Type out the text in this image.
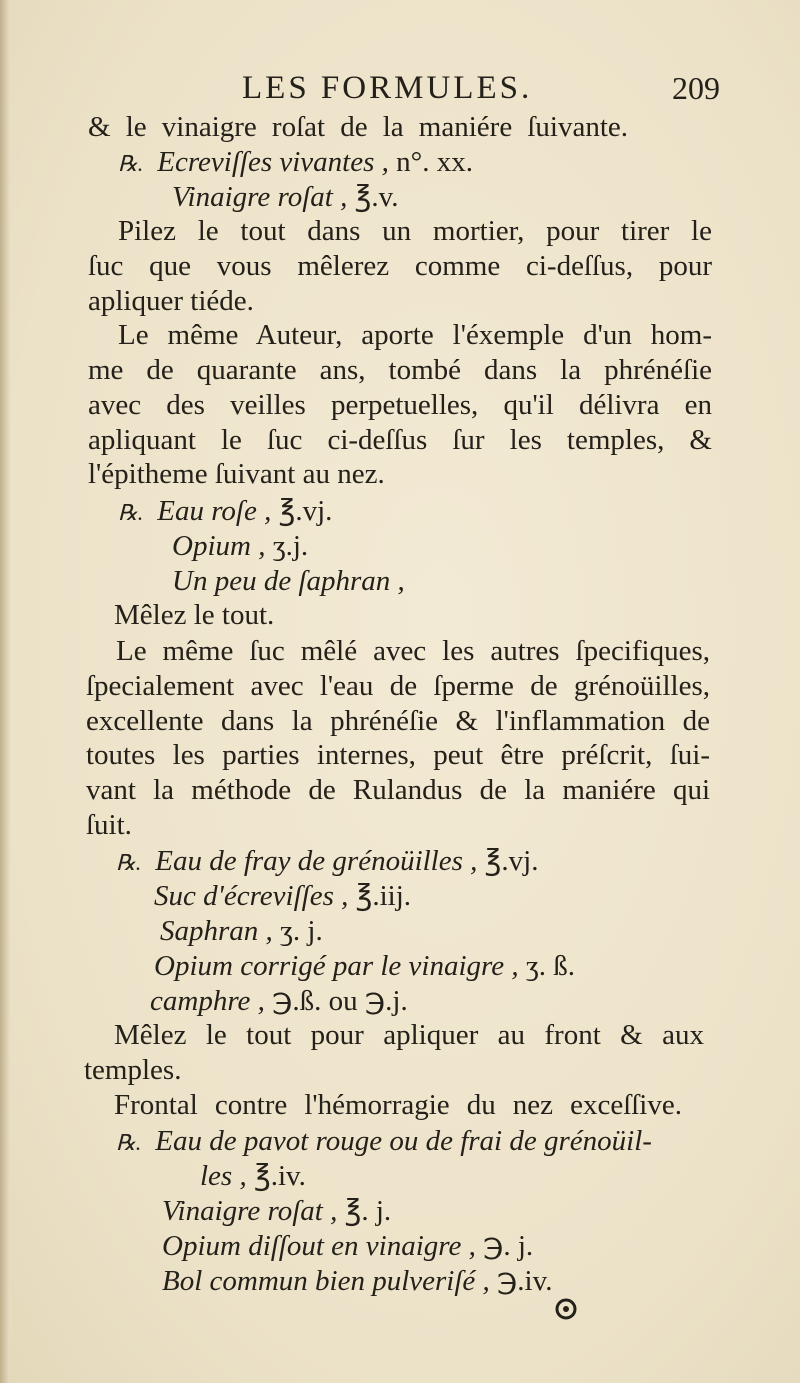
LES FORMULES.	209
& le vinaigre roſat de la maniére ſuivante.
℞. Ecreviſſes vivantes , n°. xx.
Vinaigre roſat , ℥.v.
Pilez le tout dans un mortier, pour tirer le
ſuc que vous mêlerez comme ci-deſſus, pour
apliquer tiéde.
Le même Auteur, aporte l'éxemple d'un hom-
me de quarante ans, tombé dans la phrénéſie
avec des veilles perpetuelles, qu'il délivra en
apliquant le ſuc ci-deſſus ſur les temples, &
l'épitheme ſuivant au nez.
℞. Eau roſe , ℥.vj.
Opium , ʒ.j.
Un peu de ſaphran ,
Mêlez le tout.
Le même ſuc mêlé avec les autres ſpecifiques,
ſpecialement avec l'eau de ſperme de grénoüilles,
excellente dans la phrénéſie & l'inflammation de
toutes les parties internes, peut être préſcrit, ſui-
vant la méthode de Rulandus de la maniére qui
ſuit.
℞. Eau de fray de grénoüilles , ℥.vj.
Suc d'écreviſſes , ℥.iij.
Saphran , ʒ. j.
Opium corrigé par le vinaigre , ʒ. ß.
camphre , ℈.ß. ou ℈.j.
Mêlez le tout pour apliquer au front & aux
temples.
Frontal contre l'hémorragie du nez exceſſive.
℞. Eau de pavot rouge ou de frai de grénoüil-
les , ℥.iv.
Vinaigre roſat , ℥. j.
Opium diſſout en vinaigre , ℈. j.
Bol commun bien pulveriſé , ℈.iv.
